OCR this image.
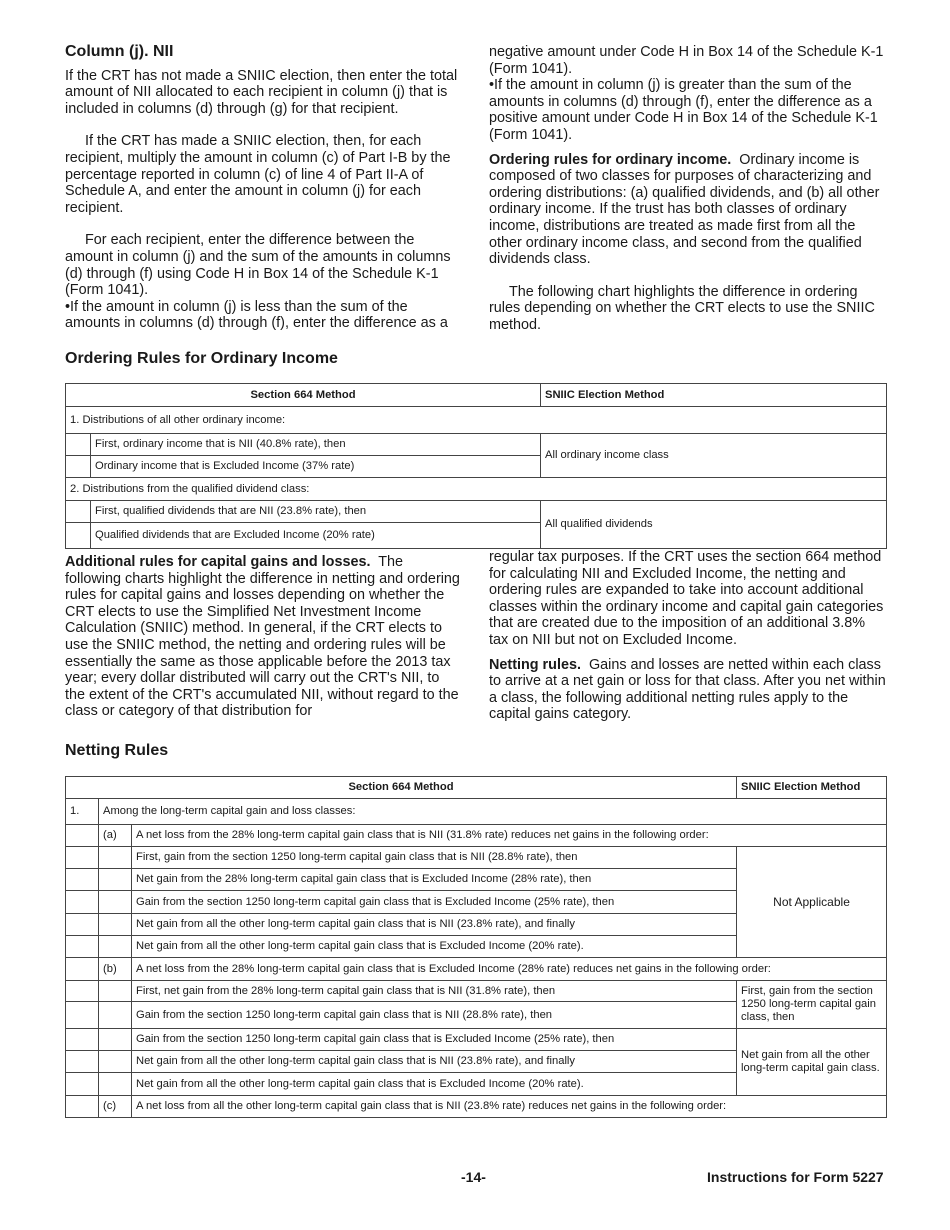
Column (j). NII

If the CRT has not made a SNIIC election, then enter the total amount of NII allocated to each recipient in column (j) that is included in columns (d) through (g) for that recipient.

If the CRT has made a SNIIC election, then, for each recipient, multiply the amount in column (c) of Part I-B by the percentage reported in column (c) of line 4 of Part II-A of Schedule A, and enter the amount in column (j) for each recipient.

For each recipient, enter the difference between the amount in column (j) and the sum of the amounts in columns (d) through (f) using Code H in Box 14 of the Schedule K-1 (Form 1041).

• If the amount in column (j) is less than the sum of the amounts in columns (d) through (f), enter the difference as a

negative amount under Code H in Box 14 of the Schedule K-1 (Form 1041).

• If the amount in column (j) is greater than the sum of the amounts in columns (d) through (f), enter the difference as a positive amount under Code H in Box 14 of the Schedule K-1 (Form 1041).

Ordering rules for ordinary income. Ordinary income is composed of two classes for purposes of characterizing and ordering distributions: (a) qualified dividends, and (b) all other ordinary income. If the trust has both classes of ordinary income, distributions are treated as made first from all the other ordinary income class, and second from the qualified dividends class.

The following chart highlights the difference in ordering rules depending on whether the CRT elects to use the SNIIC method.

Ordering Rules for Ordinary Income
Section 664 Method		SNIIC Election Method
1. Distributions of all other ordinary income:		
	First, ordinary income that is NII (40.8% rate), then	All ordinary income class
	Ordinary income that is Excluded Income (37% rate)	
2. Distributions from the qualified dividend class:		
	First, qualified dividends that are NII (23.8% rate), then	All qualified dividends
	Qualified dividends that are Excluded Income (20% rate)	

Additional rules for capital gains and losses. The following charts highlight the difference in netting and ordering rules for capital gains and losses depending on whether the CRT elects to use the Simplified Net Investment Income Calculation (SNIIC) method. In general, if the CRT elects to use the SNIIC method, the netting and ordering rules will be essentially the same as those applicable before the 2013 tax year; every dollar distributed will carry out the CRT's NII, to the extent of the CRT's accumulated NII, without regard to the class or category of that distribution for

regular tax purposes. If the CRT uses the section 664 method for calculating NII and Excluded Income, the netting and ordering rules are expanded to take into account additional classes within the ordinary income and capital gain categories that are created due to the imposition of an additional 3.8% tax on NII but not on Excluded Income.

Netting rules. Gains and losses are netted within each class to arrive at a net gain or loss for that class. After you net within a class, the following additional netting rules apply to the capital gains category.

Netting Rules
Section 664 Method			SNIIC Election Method
1.	Among the long-term capital gain and loss classes:		
	(a)	A net loss from the 28% long-term capital gain class that is NII (31.8% rate) reduces net gains in the following order:	
		First, gain from the section 1250 long-term capital gain class that is NII (28.8% rate), then	Not Applicable
		Net gain from the 28% long-term capital gain class that is Excluded Income (28% rate), then	
		Gain from the section 1250 long-term capital gain class that is Excluded Income (25% rate), then	
		Net gain from all the other long-term capital gain class that is NII (23.8% rate), and finally	
		Net gain from all the other long-term capital gain class that is Excluded Income (20% rate).	
	(b)	A net loss from the 28% long-term capital gain class that is Excluded Income (28% rate) reduces net gains in the following order:	
		First, net gain from the 28% long-term capital gain class that is NII (31.8% rate), then	First, gain from the section 1250 long-term capital gain class, then
		Gain from the section 1250 long-term capital gain class that is NII (28.8% rate), then	
		Gain from the section 1250 long-term capital gain class that is Excluded Income (25% rate), then	Net gain from all the other long-term capital gain class.
		Net gain from all the other long-term capital gain class that is NII (23.8% rate), and finally	
		Net gain from all the other long-term capital gain class that is Excluded Income (20% rate).	
	(c)	A net loss from all the other long-term capital gain class that is NII (23.8% rate) reduces net gains in the following order:	
-14-	Instructions for Form 5227
